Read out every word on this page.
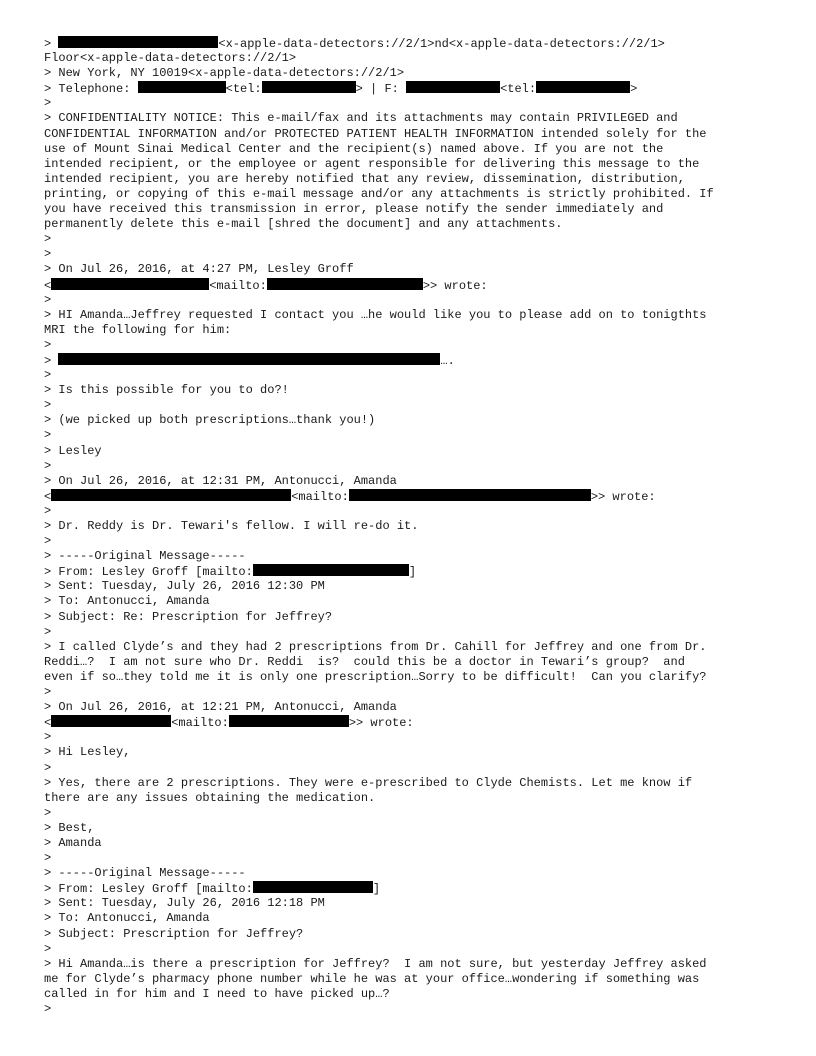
>	<x-apple-data-detectors://2/1>nd<x-apple-data-detectors://2/1>
Floor<x-apple-data-detectors://2/1>
> New York, NY 10019<x-apple-data-detectors://2/1>
> Telephone:	<tel:	> | F:	<tel:	>
>
> CONFIDENTIALITY NOTICE: This e-mail/fax and its attachments may contain PRIVILEGED and
CONFIDENTIAL INFORMATION and/or PROTECTED PATIENT HEALTH INFORMATION intended solely for the
use of Mount Sinai Medical Center and the recipient(s) named above. If you are not the
intended recipient, or the employee or agent responsible for delivering this message to the
intended recipient, you are hereby notified that any review, dissemination, distribution,
printing, or copying of this e-mail message and/or any attachments is strictly prohibited. If
you have received this transmission in error, please notify the sender immediately and
permanently delete this e-mail [shred the document] and any attachments.
>
>
> On Jul 26, 2016, at 4:27 PM, Lesley Groff
<	<mailto:	>> wrote:
>
> HI Amanda…Jeffrey requested I contact you …he would like you to please add on to tonigthts
MRI the following for him:
>
>	….
>
> Is this possible for you to do?!
>
> (we picked up both prescriptions…thank you!)
>
> Lesley
>
> On Jul 26, 2016, at 12:31 PM, Antonucci, Amanda
<	<mailto:	>> wrote:
>
> Dr. Reddy is Dr. Tewari's fellow. I will re-do it.
>
> -----Original Message-----
> From: Lesley Groff [mailto:	]
> Sent: Tuesday, July 26, 2016 12:30 PM
> To: Antonucci, Amanda
> Subject: Re: Prescription for Jeffrey?
>
> I called Clyde’s and they had 2 prescriptions from Dr. Cahill for Jeffrey and one from Dr.
Reddi…?  I am not sure who Dr. Reddi  is?  could this be a doctor in Tewari’s group?  and
even if so…they told me it is only one prescription…Sorry to be difficult!  Can you clarify?
>
> On Jul 26, 2016, at 12:21 PM, Antonucci, Amanda
<	<mailto:	>> wrote:
>
> Hi Lesley,
>
> Yes, there are 2 prescriptions. They were e-prescribed to Clyde Chemists. Let me know if
there are any issues obtaining the medication.
>
> Best,
> Amanda
>
> -----Original Message-----
> From: Lesley Groff [mailto:	]
> Sent: Tuesday, July 26, 2016 12:18 PM
> To: Antonucci, Amanda
> Subject: Prescription for Jeffrey?
>
> Hi Amanda…is there a prescription for Jeffrey?  I am not sure, but yesterday Jeffrey asked
me for Clyde’s pharmacy phone number while he was at your office…wondering if something was
called in for him and I need to have picked up…?
>
